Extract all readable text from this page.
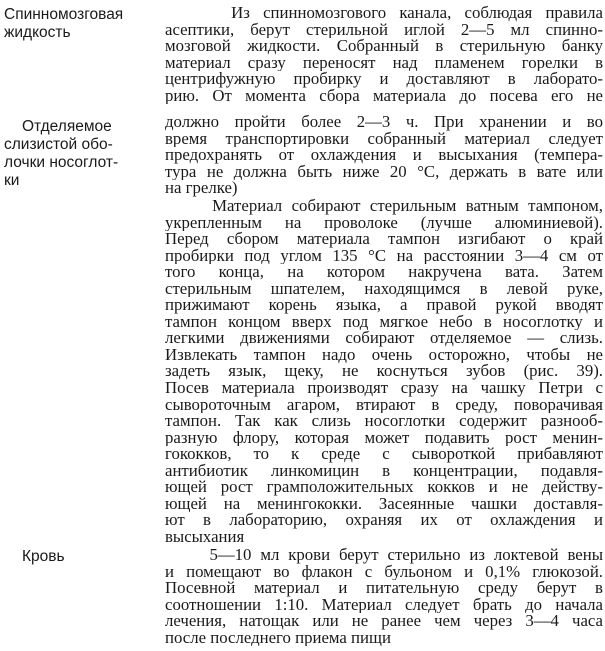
Спинномозговая
жидкость
Из спинномозгового канала, соблюдая правила
асептики, берут стерильной иглой 2—5 мл спинно-
мозговой жидкости. Собранный в стерильную банку
материал сразу переносят над пламенем горелки в
центрифужную пробирку и доставляют в лаборато-
рию. От момента сбора материала до посева его не
должно пройти более 2—3 ч. При хранении и во
время транспортировки собранный материал следует
предохранять от охлаждения и высыхания (темпера-
тура не должна быть ниже 20 °С, держать в вате или
на грелке)
Отделяемое
слизистой обо-
лочки носоглот-
ки
Материал собирают стерильным ватным тампоном,
укрепленным на проволоке (лучше алюминиевой).
Перед сбором материала тампон изгибают о край
пробирки под углом 135 °С на расстоянии 3—4 см от
того конца, на котором накручена вата. Затем
стерильным шпателем, находящимся в левой руке,
прижимают корень языка, а правой рукой вводят
тампон концом вверх под мягкое небо в носоглотку и
легкими движениями собирают отделяемое — слизь.
Извлекать тампон надо очень осторожно, чтобы не
задеть язык, щеку, не коснуться зубов (рис. 39).
Посев материала производят сразу на чашку Петри с
сывороточным агаром, втирают в среду, поворачивая
тампон. Так как слизь носоглотки содержит разнооб-
разную флору, которая может подавить рост менин-
гококков, то к среде с сывороткой прибавляют
антибиотик линкомицин в концентрации, подавля-
ющей рост грамположительных кокков и не действу-
ющей на менингококки. Засеянные чашки доставля-
ют в лабораторию, охраняя их от охлаждения и
высыхания
Кровь	5—10 мл крови берут стерильно из локтевой вены
и помещают во флакон с бульоном и 0,1% глюкозой.
Посевной материал и питательную среду берут в
соотношении 1:10. Материал следует брать до начала
лечения, натощак или не ранее чем через 3—4 часа
после последнего приема пищи
